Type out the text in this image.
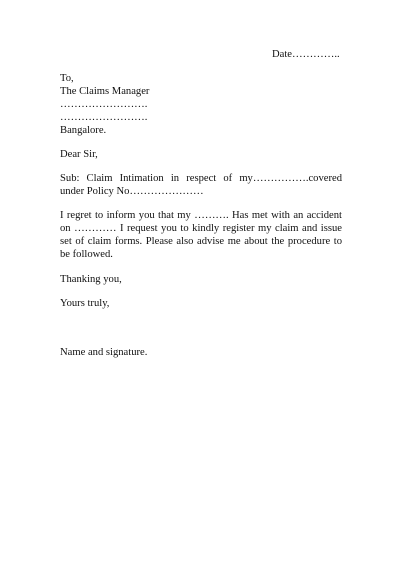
Date…………..
To,
The Claims Manager
…………………….
…………………….
Bangalore.
Dear Sir,
Sub: Claim Intimation in respect of my…………….covered
under Policy No…………………
I regret to inform you that my ………. Has met with an accident
on ………… I request you to kindly register my claim and issue
set of claim forms. Please also advise me about the procedure to
be followed.
Thanking you,
Yours truly,
Name and signature.
